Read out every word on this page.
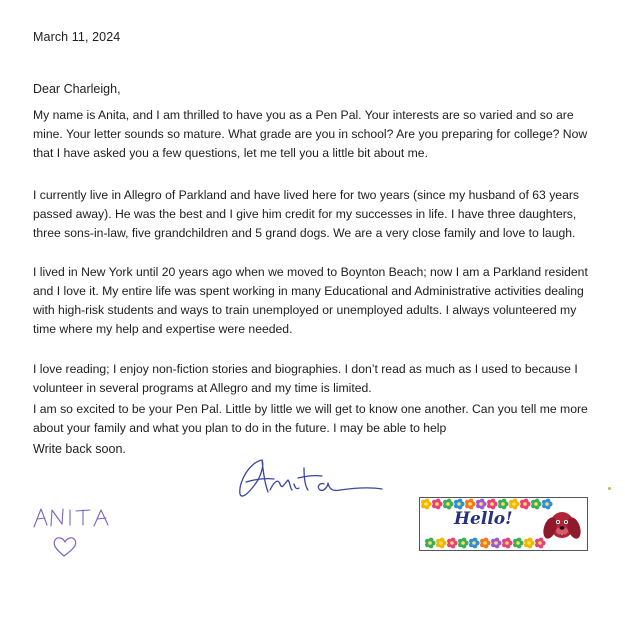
March 11, 2024
Dear Charleigh,

My name is Anita, and I am thrilled to have you as a Pen Pal. Your interests are so varied and so are mine. Your letter sounds so mature. What grade are you in school? Are you preparing for college? Now that I have asked you a few questions, let me tell you a little bit about me.

I currently live in Allegro of Parkland and have lived here for two years (since my husband of 63 years passed away). He was the best and I give him credit for my successes in life. I have three daughters, three sons-in-law, five grandchildren and 5 grand dogs. We are a very close family and love to laugh.

I lived in New York until 20 years ago when we moved to Boynton Beach; now I am a Parkland resident and I love it. My entire life was spent working in many Educational and Administrative activities dealing with high-risk students and ways to train unemployed or unemployed adults. I always volunteered my time where my help and expertise were needed.

I love reading; I enjoy non-fiction stories and biographies. I don’t read as much as I used to because I volunteer in several programs at Allegro and my time is limited.

I am so excited to be your Pen Pal. Little by little we will get to know one another. Can you tell me more about your family and what you plan to do in the future. I may be able to help

Write back soon.
Hello!
